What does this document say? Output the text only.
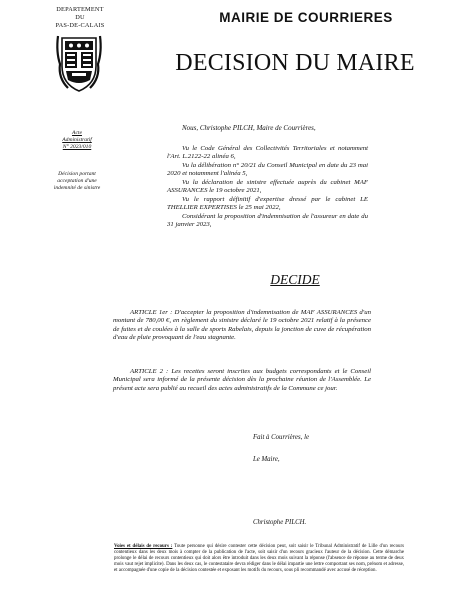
DEPARTEMENT
DU
PAS-DE-CALAIS
MAIRIE DE COURRIERES
DECISION DU MAIRE
Acte
Administratif
N° 2023/010
Décision portant
acceptation d'une
indemnité de sinistre
Nous, Christophe PILCH, Maire de Courrières,

Vu le Code Général des Collectivités Territoriales et notamment l'Art. L.2122-22 alinéa 6,

Vu la délibération n° 20/21 du Conseil Municipal en date du 23 mai 2020 et notamment l'alinéa 5,

Vu la déclaration de sinistre effectuée auprès du cabinet MAF ASSURANCES le 19 octobre 2021,

Vu le rapport définitif d'expertise dressé par le cabinet LE THELLIER EXPERTISES le 25 mai 2022,

Considérant la proposition d'indemnisation de l'assureur en date du 31 janvier 2023,

DECIDE

ARTICLE 1er : D'accepter la proposition d'indemnisation de MAF ASSURANCES d'un montant de 780,00 €, en règlement du sinistre déclaré le 19 octobre 2021 relatif à la présence de fuites et de coulées à la salle de sports Rabelais, depuis la jonction de cuve de récupération d'eau de pluie provoquant de l'eau stagnante.

ARTICLE 2 : Les recettes seront inscrites aux budgets correspondants et le Conseil Municipal sera informé de la présente décision dès la prochaine réunion de l'Assemblée. Le présent acte sera publié au recueil des actes administratifs de la Commune ce jour.

Fait à Courrières, le
Le Maire,
Christophe PILCH.
Voies et délais de recours : Toute personne qui désire contester cette décision peut, soit saisir le Tribunal Administratif de Lille d'un recours contentieux dans les deux mois à compter de la publication de l'acte, soit saisir d'un recours gracieux l'auteur de la décision. Cette démarche prolonge le délai de recours contentieux qui doit alors être introduit dans les deux mois suivant la réponse (l'absence de réponse au terme de deux mois vaut rejet implicite). Dans les deux cas, le contestataire devra rédiger dans le délai impartie une lettre comportant ses nom, prénom et adresse, et accompagnée d'une copie de la décision contestée et exposant les motifs du recours, sous pli recommandé avec accusé de réception.
